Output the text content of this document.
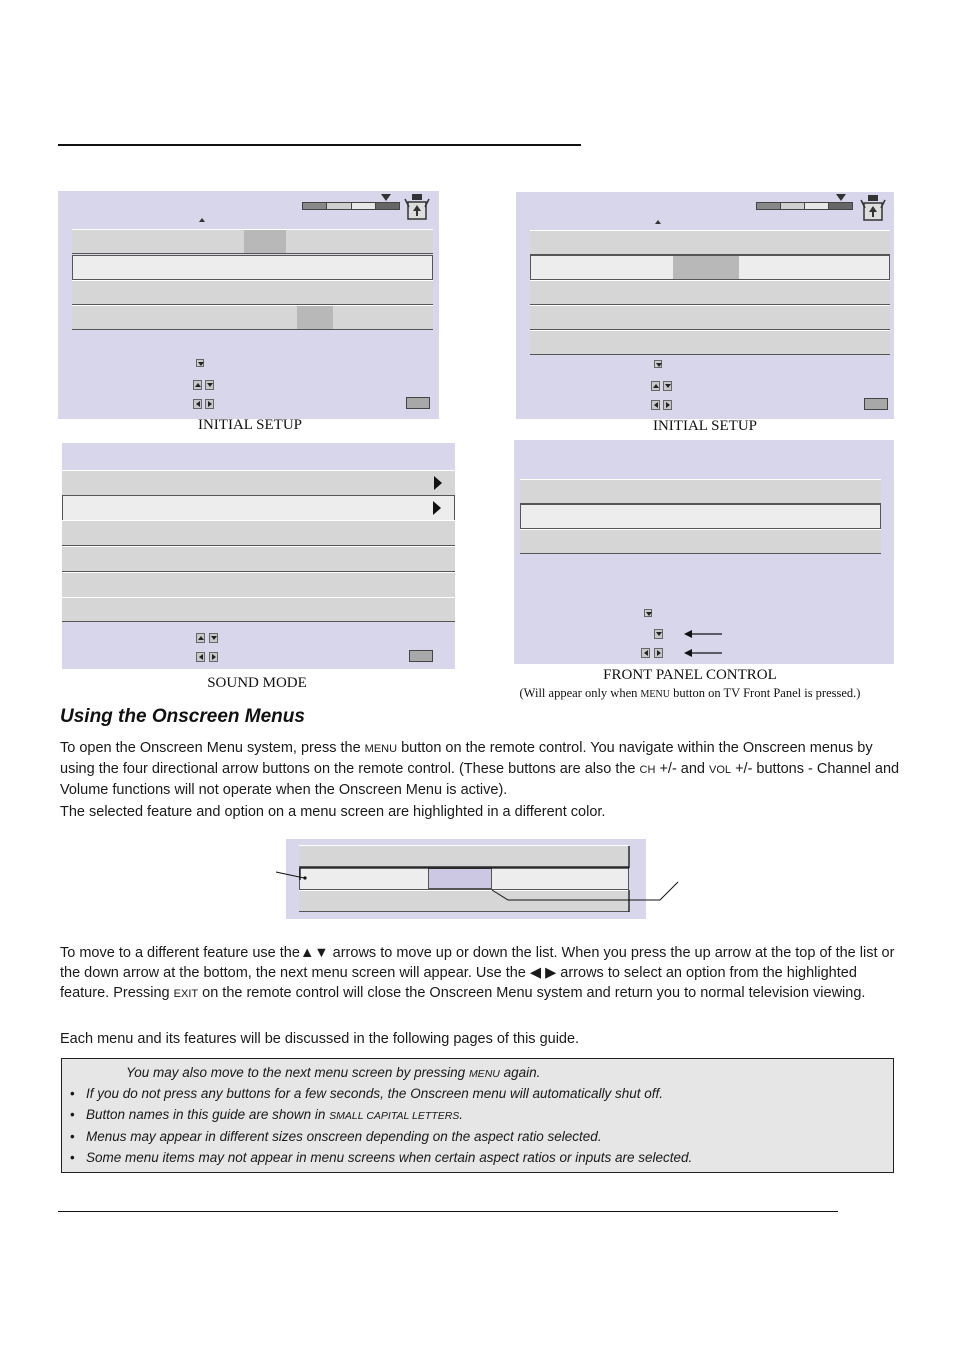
INITIAL SETUP	INITIAL SETUP
SOUND MODE	FRONT PANEL CONTROL
(Will appear only when MENU button on TV Front Panel is pressed.)
Using the Onscreen Menus
To open the Onscreen Menu system, press the MENU button on the remote control. You navigate within the Onscreen menus by using the four directional arrow buttons on the remote control. (These buttons are also the CH +/- and VOL +/- buttons - Channel and Volume functions will not operate when the Onscreen Menu is active).
The selected feature and option on a menu screen are highlighted in a different color.
To move to a different feature use the▲▼ arrows to move up or down the list. When you press the up arrow at the top of the list or the down arrow at the bottom, the next menu screen will appear. Use the ◀ ▶ arrows to select an option from the highlighted feature. Pressing EXIT on the remote control will close the Onscreen Menu system and return you to normal television viewing.
Each menu and its features will be discussed in the following pages of this guide.
You may also move to the next menu screen by pressing MENU again.
• If you do not press any buttons for a few seconds, the Onscreen menu will automatically shut off.
• Button names in this guide are shown in SMALL CAPITAL LETTERS.
• Menus may appear in different sizes onscreen depending on the aspect ratio selected.
• Some menu items may not appear in menu screens when certain aspect ratios or inputs are selected.
